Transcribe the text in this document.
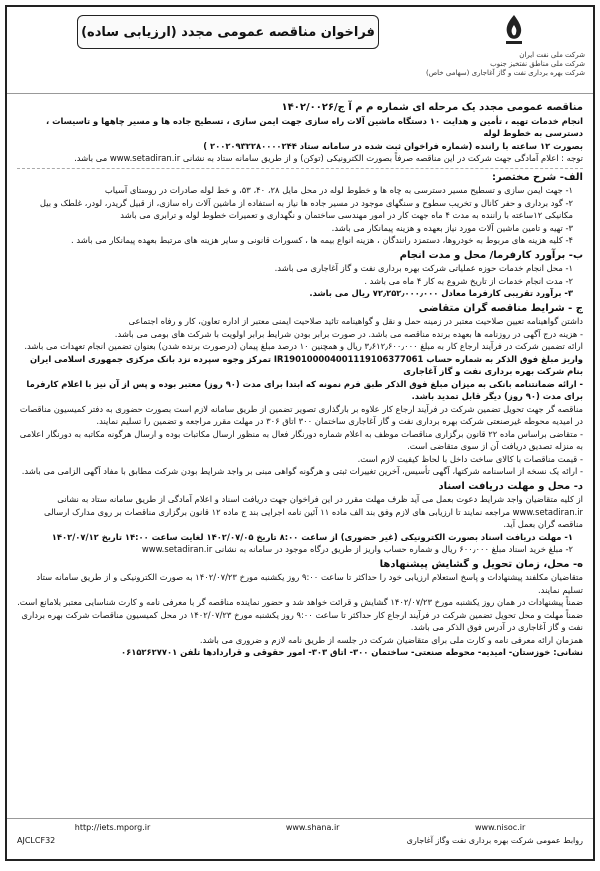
فراخوان مناقصه عمومی مجدد (ارزیابی ساده)
شرکت ملی نفت ایران
شرکت ملی مناطق نفتخیز جنوب
شرکت بهره برداری نفت و گاز آغاجاری (سهامی خاص)
مناقصه عمومی مجدد یک مرحله ای شماره م م آ ج/۱۴۰۲/۰۰۲۶
انجام خدمات تهیه ، تأمین و هدایت ۱۰ دستگاه ماشین آلات راه سازی جهت ایمن سازی ، تسطیح جاده ها و مسیر چاهها و تاسیسات ، دسترسی به خطوط لوله
بصورت ۱۲ ساعته با راننده (شماره فراخوان ثبت شده در سامانه ستاد ۲۰۰۲۰۹۳۲۲۸۰۰۰۰۲۴۴ )
توجه : اعلام آمادگی جهت شرکت در این مناقصه صرفاً بصورت الکترونیکی (توکن) و از طریق سامانه ستاد به نشانی www.setadiran.ir می باشد.
الف- شرح مختصر:
۱- جهت ایمن سازی و تسطیح مسیر دسترسی به چاه ها و خطوط لوله در محل مایل ۲۸، ۴۰، ۵۳، و خط لوله صادرات در روستای آسیاب
۲- گود برداری و حفر کانال و تخریب سطوح و سنگهای موجود در مسیر جاده ها نیاز به استفاده از ماشین آلات راه سازی، از قبیل گریدر، لودر، غلطک و بیل مکانیکی ۱۲ساعته با راننده به مدت ۴ ماه جهت کار در امور مهندسی ساختمان و نگهداری و تعمیرات خطوط لوله و ترابری می باشد
۳- تهیه و تامین ماشین آلات مورد نیاز بعهده و هزینه پیمانکار می باشد.
۴- کلیه هزینه های مربوط به خودروها، دستمزد رانندگان ، هزینه انواع بیمه ها ، کسورات قانونی و سایر هزینه های مرتبط بعهده پیمانکار می باشد .
ب- برآورد کارفرما/ محل و مدت انجام
۱- محل انجام خدمات حوزه عملیاتی شرکت بهره برداری نفت و گاز آغاجاری می باشد.
۲- مدت انجام خدمات از تاریخ شروع به کار ۴ ماه می باشد .
۳- برآورد تقریبی کارفرما معادل ۷۲٫۲۵۲٫۰۰۰٫۰۰۰ ریال می باشد.
ج - شرایط مناقصه گران متقاضی
داشتن گواهینامه تعیین صلاحیت معتبر در زمینه حمل و نقل و گواهینامه تائید صلاحیت ایمنی معتبر از اداره تعاون، کار و رفاه اجتماعی
- هزینه درج آگهی در روزنامه ها بعهده برنده مناقصه می باشد. در صورت برابر بودن شرایط برابر اولویت با شرکت های بومی می باشد.
ارائه تضمین شرکت در فرآیند ارجاع کار به مبلغ ۳٫۶۱۲٫۶۰۰٫۰۰۰ ریال و همچنین ۱۰ درصد مبلغ پیمان (درصورت برنده شدن) بعنوان تضمین انجام تعهدات می باشد.
واریز مبلغ فوق الذکر به شماره حساب IR190100004001119106377061 تمرکز وجوه سپرده نزد بانک مرکزی جمهوری اسلامی ایران بنام شرکت بهره برداری نفت و گاز آغاجاری
- ارائه ضمانتنامه بانکی به میزان مبلغ فوق الذکر طبق فرم نمونه که ابتدا برای مدت (۹۰ روز) معتبر بوده و پس از آن نیز با اعلام کارفرما برای مدت (۹۰ روز) دیگر قابل تمدید باشد.
مناقصه گر جهت تحویل تضمین شرکت در فرآیند ارجاع کار علاوه بر بارگذاری تصویر تضمین از طریق سامانه لازم است بصورت حضوری به دفتر کمیسیون مناقصات در امیدیه محوطه غیرصنعتی شرکت بهره برداری نفت و گاز آغاجاری ساختمان ۳۰۰ اتاق ۳۰۶ در مهلت مقرر مراجعه و تضمین را تسلیم نمایند.
- متقاضی براساس ماده ۲۲ قانون برگزاری مناقصات موظف به اعلام شماره دورنگار فعال به منظور ارسال مکاتبات بوده و ارسال هرگونه مکاتبه به دورنگار اعلامی به منزله تصدیق دریافت آن از سوی متقاضی است.
- قیمت مناقصات با کالای ساخت داخل با لحاظ کیفیت لازم است.
- ارائه یک نسخه از اساسنامه شرکتها، آگهی تأسیس، آخرین تغییرات ثبتی و هرگونه گواهی مبنی بر واجد شرایط بودن شرکت مطابق با مفاد آگهی الزامی می باشد.
د- محل و مهلت دریافت اسناد
از کلیه متقاضیان واجد شرایط دعوت بعمل می آید ظرف مهلت مقرر در این فراخوان جهت دریافت اسناد و اعلام آمادگی از طریق سامانه ستاد به نشانی www.setadiran.ir مراجعه نمایند تا ارزیابی های لازم وفق بند الف ماده ۱۱ آئین نامه اجرایی بند ج ماده ۱۲ قانون برگزاری مناقصات بر روی مدارک ارسالی مناقصه گران بعمل آید.
۱- مهلت دریافت اسناد بصورت الکترونیکی (غیر حضوری) از ساعت ۸:۰۰ تاریخ ۱۴۰۲/۰۷/۰۵ لغایت ساعت ۱۴:۰۰ تاریخ ۱۴۰۲/۰۷/۱۲
۲- مبلغ خرید اسناد مبلغ ۶۰۰٫۰۰۰ ریال و شماره حساب واریز از طریق درگاه موجود در سامانه به نشانی www.setadiran.ir
ه- محل، زمان تحویل و گشایش پیشنهادها
متقاضیان مکلفند پیشنهادات و پاسخ استعلام ارزیابی خود را حداکثر تا ساعت ۹:۰۰ روز یکشنبه مورخ ۱۴۰۲/۰۷/۲۳ به صورت الکترونیکی و از طریق سامانه ستاد تسلیم نمایند.
ضمناً پیشنهادات در همان روز یکشنبه مورخ ۱۴۰۲/۰۷/۲۳ گشایش و قرائت خواهد شد و حضور نماینده مناقصه گر با معرفی نامه و کارت شناسایی معتبر بلامانع است.
ضمناً مهلت و محل تحویل تضمین شرکت در فرآیند ارجاع کار حداکثر تا ساعت ۹:۰۰ روز یکشنبه مورخ ۱۴۰۲/۰۷/۲۳ در محل کمیسیون مناقصات شرکت بهره برداری نفت و گاز آغاجاری در آدرس فوق الذکر می باشد.
همزمان ارائه معرفی نامه و کارت ملی برای متقاضیان شرکت در جلسه از طریق نامه لازم و ضروری می باشد.
نشانی: خوزستان- امیدیه- محوطه صنعتی- ساختمان ۳۰۰- اتاق ۳۰۳- امور حقوقی و قراردادها تلفن ۰۶۱۵۲۶۲۷۷۰۱
http://iets.mporg.ir	www.shana.ir	www.nisoc.ir
روابط عمومی شرکت بهره برداری نفت وگاز آغاجاری
AJCLCF32
